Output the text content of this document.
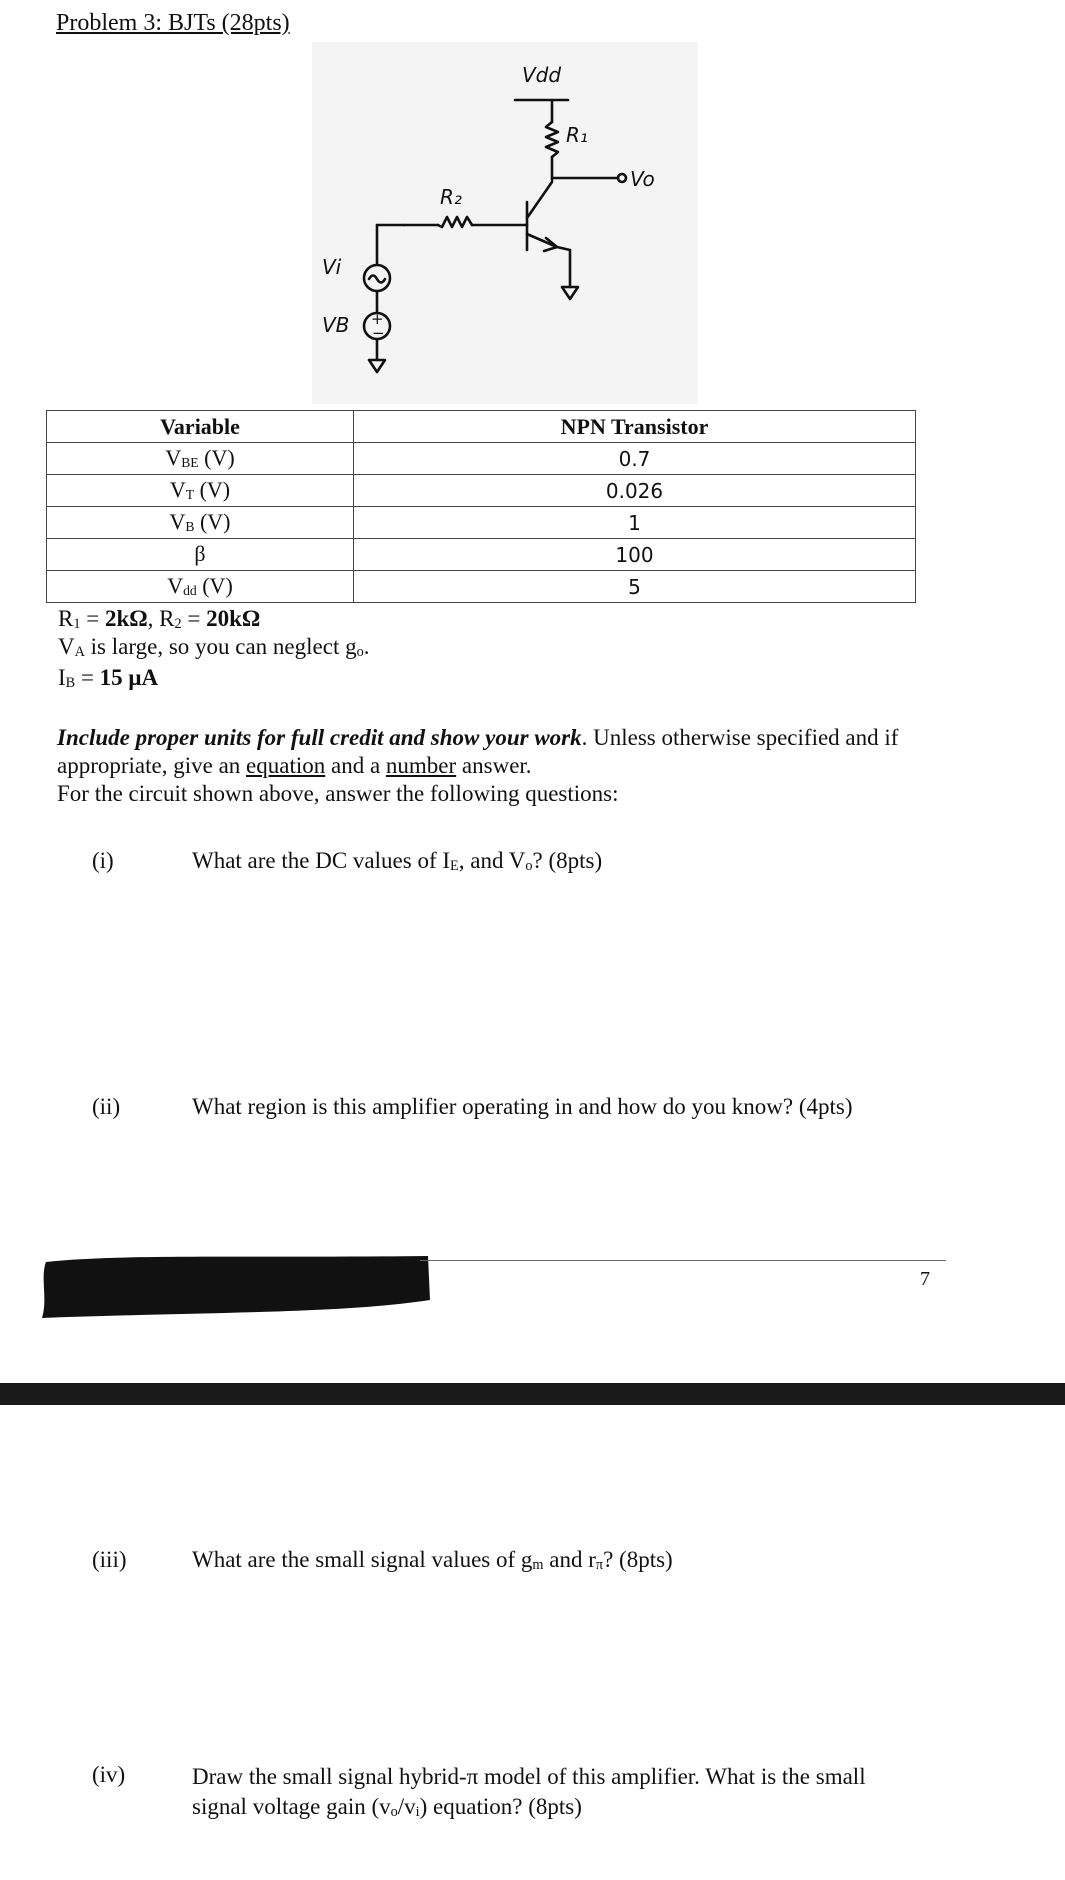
Problem 3: BJTs (28pts)
Vdd
R₁
Vo
R₂
Vi
+
−
VB
Variable	NPN Transistor
$V_{BE}$ (V)	0.7
$V_T$ (V)	0.026
$V_B$ (V)	1
β	100
$V_{dd}$ (V)	5
$R_1 = 2k\Omega$, $R_2 = 20k\Omega$
$V_A$ is large, so you can neglect $g_o$.
$I_B = 15$ μA
Include proper units for full credit and show your work. Unless otherwise specified and if appropriate, give an equation and a number answer.
For the circuit shown above, answer the following questions:
(i)	What are the DC values of $I_E$, and $V_o$? (8pts)
(ii)	What region is this amplifier operating in and how do you know? (4pts)
7
(iii)	What are the small signal values of $g_m$ and $r_\pi$? (8pts)
(iv)	Draw the small signal hybrid-π model of this amplifier. What is the small
signal voltage gain $(v_o/v_i)$ equation? (8pts)
